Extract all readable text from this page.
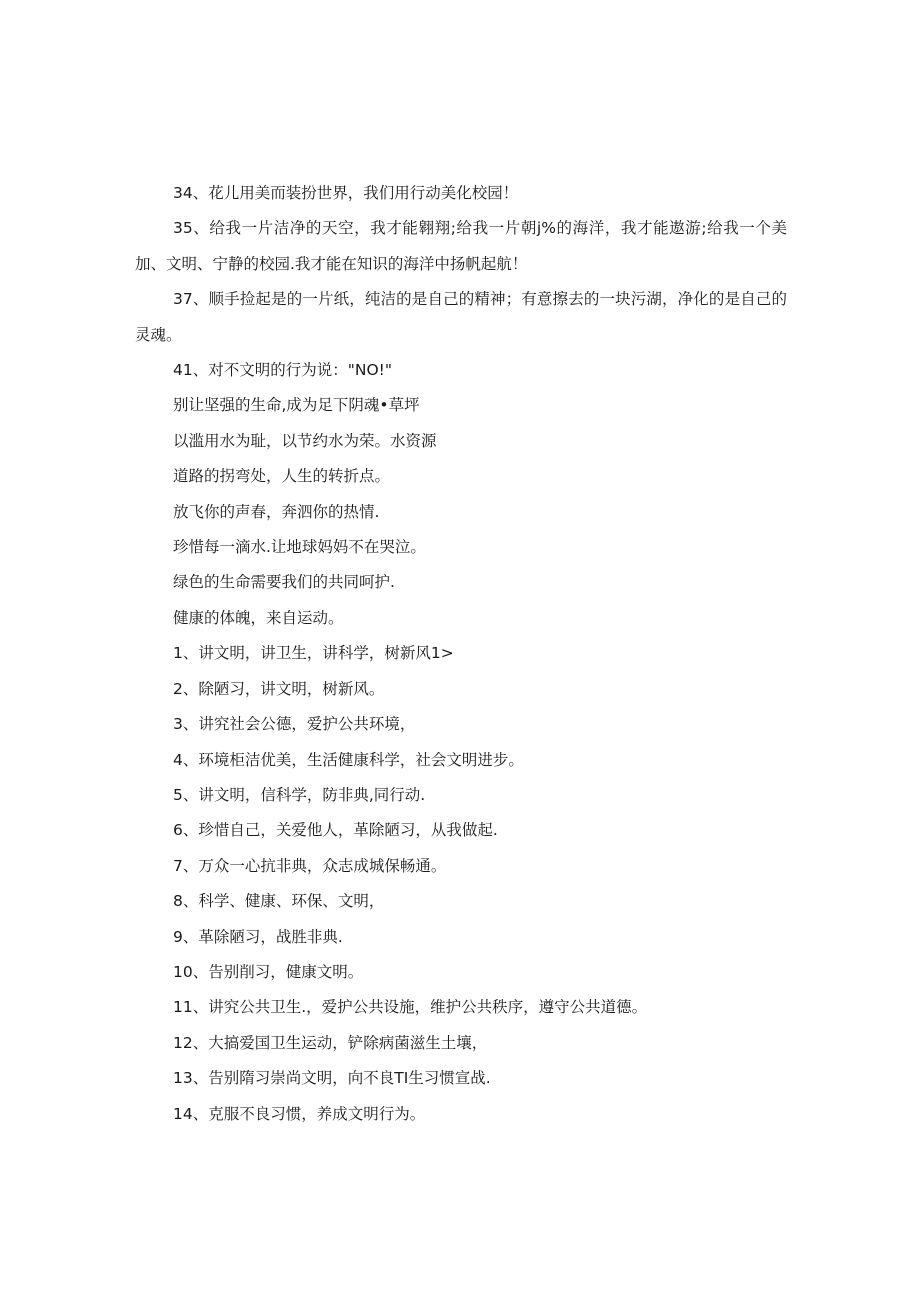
34、花儿用美而装扮世界，我们用行动美化校园！

35、给我一片洁净的天空，我才能翱翔;给我一片朝j%的海洋，我才能遨游;给我一个美加、文明、宁静的校园.我才能在知识的海洋中扬帆起航！

37、顺手捡起是的一片纸，纯洁的是自己的精神；有意擦去的一块污湖，净化的是自己的灵魂。

41、对不文明的行为说："NO!"

别让坚强的生命,成为足下阴魂•草坪

以滥用水为耻，以节约水为荣。水资源

道路的拐弯处，人生的转折点。

放飞你的声春，奔泗你的热情.

珍惜每一滴水.让地球妈妈不在哭泣。

绿色的生命需要我们的共同呵护.

健康的体魄，来自运动。

1、讲文明，讲卫生，讲科学，树新风1>

2、除陋习，讲文明，树新风。

3、讲究社会公德，爱护公共环境，

4、环境柜洁优美，生活健康科学，社会文明进步。

5、讲文明，信科学，防非典,同行动.

6、珍惜自己，关爱他人，革除陋习，从我做起.

7、万众一心抗非典，众志成城保畅通。

8、科学、健康、环保、文明，

9、革除陋习，战胜非典.

10、告别削习，健康文明。

11、讲究公共卫生.，爱护公共设施，维护公共秩序，遵守公共道德。

12、大搞爱国卫生运动，铲除病菌滋生土壤，

13、告别隋习崇尚文明，向不良TI生习惯宣战.

14、克服不良习惯，养成文明行为。
